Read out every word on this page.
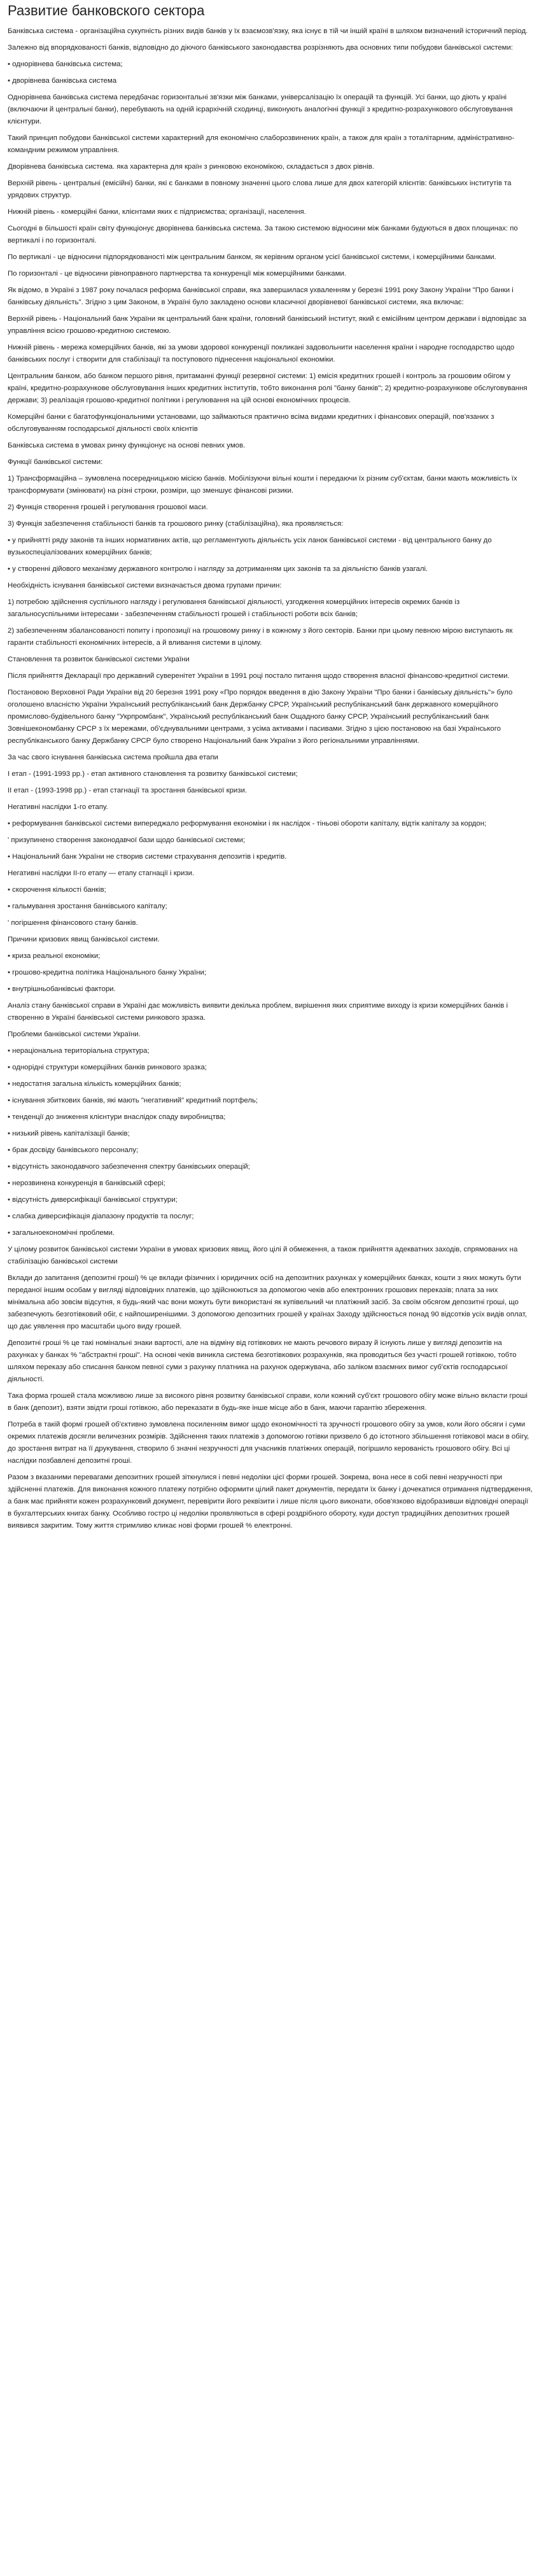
Развитие банковского сектора

Банківська система - організаційна сукупність різних видів банків у їх взаємозв'язку, яка існує в тій чи іншій країні в шляхом визначений історичний період.

Залежно від впорядкованості банків, відповідно до діючого банківського законодавства розрізняють два основних типи побудови банківської системи:

• однорівнева банківська система;

• дворівнева банківська система

Однорівнева банківська система передбачає горизонтальні зв'язки між банками, універсалізацію їх операцій та функцій. Усі банки, що діють у країні (включаючи й центральні банки), перебувають на одній ієрархічній сходинці, виконують аналогічні функції з кредитно-розрахункового обслуговування клієнтури.

Такий принцип побудови банківської системи характерний для економічно слаборозвинених країн, а також для країн з тоталітарним, адміністративно-командним режимом управління.

Дворівнева банківська система. яка характерна для країн з ринковою економікою, складається з двох рівнів.

Верхній рівень - центральні (емісійні) банки, які є банками в повному значенні цього слова лише для двох категорій клієнтів: банківських інститутів та урядових структур.

Нижній рівень - комерційні банки, клієнтами яких є підприємства; організації, населення.

Сьогодні в більшості країн світу функціонує дворівнева банківська система. За такою системою відносини між банками будуються в двох площинах: по вертикалі і по горизонталі.

По вертикалі - це відносини підпорядкованості між центральним банком, як керівним органом усієї банківської системи, і комерційними банками.

По горизонталі - це відносини рівноправного партнерства та конкуренції між комерційними банками.

Як відомо, в Україні з 1987 року почалася реформа банківської справи, яка завершилася ухваленням у березні 1991 року Закону України "Про банки і банківську діяльність". Згідно з цим Законом, в Україні було закладено основи класичної дворівневої банківської системи, яка включає:

Верхній рівень - Національний банк України як центральний банк країни, головний банківський інститут, який є емісійним центром держави і відповідає за управління всією грошово-кредитною системою.

Нижній рівень - мережа комерційних банків, які за умови здорової конкуренції покликані задовольнити населення країни і народне господарство щодо банківських послуг і створити для стабілізації та поступового піднесення національної економіки.

Центральним банком, або банком першого рівня, притаманні функції резервної системи: 1) емісія кредитних грошей і контроль за грошовим обігом у країні, кредитно-розрахункове обслуговування інших кредитних інститутів, тобто виконання ролі "банку банків"; 2) кредитно-розрахункове обслуговування держави; 3) реалізація грошово-кредитної політики і регулювання на цій основі економічних процесів.

Комерційні банки є багатофункціональними установами, що займаються практично всіма видами кредитних і фінансових операцій, пов'язаних з обслуговуванням господарської діяльності своїх клієнтів

Банківська система в умовах ринку функціонує на основі певних умов.

Функції банківської системи:

1) Трансформаційна – зумовлена посередницькою місією банків. Мобілізуючи вільні кошти і передаючи їх різним суб'єктам, банки мають можливість їх трансформувати (змінювати) на різні строки, розміри, що зменшує фінансові ризики.

2) Функція створення грошей і регулювання грошової маси.

3) Функція забезпечення стабільності банків та грошового ринку (стабілізаційна), яка проявляється:

• у прийнятті ряду законів та інших нормативних актів, що регламентують діяльність усіх ланок банківської системи - від центрального банку до вузькоспеціалізованих комерційних банків;

• у створенні дійового механізму державного контролю і нагляду за дотриманням цих законів та за діяльністю банків узагалі.

Необхідність існування банківської системи визначається двома групами причин:

1) потребою здійснення суспільного нагляду і регулювання банківської діяльності, узгодження комерційних інтересів окремих банків із загальносуспільними інтересами - забезпеченням стабільності грошей і стабільності роботи всіх банків;

2) забезпеченням збалансованості попиту і пропозиції на грошовому ринку і в кожному з його секторів. Банки при цьому певною мірою виступають як гаранти стабільності економічних інтересів, а й вливання системи в цілому.

Становлення та розвиток банківської системи України

Після прийняття Декларації про державний суверенітет України в 1991 році постало питання щодо створення власної фінансово-кредитної системи.

Постановою Верховної Ради України від 20 березня 1991 року «Про порядок введення в дію Закону України "Про банки і банківську діяльність"» було оголошено власністю України Український республіканський банк Держбанку СРСР, Український республіканський банк державного комерційного промислово-будівельного банку "Укрпромбанк", Український республіканський банк Ощадного банку СРСР, Український республіканський банк Зовнішекономбанку СРСР з їх мережами, об'єднувальними центрами, з усіма активами і пасивами. Згідно з цією постановою на базі Українського республіканського банку Держбанку СРСР було створено Національний банк України з його регіональними управліннями.

За час свого існування банківська система пройшла два етапи

I етап - (1991-1993 рр.) - етап активного становлення та розвитку банківської системи;

II етап - (1993-1998 рр.) - етап стагнації та зростання банківської кризи.

Негативні наслідки 1-го етапу.

• реформування банківської системи випереджало реформування економіки і як наслідок - тіньові обороти капіталу, відтік капіталу за кордон;

' призупинено створення законодавчої бази щодо банківської системи;

• Національний банк України не створив системи страхування депозитів і кредитів.

Негативні наслідки ІІ-го етапу — етапу стагнації і кризи.

• скорочення кількості банків;

• гальмування зростання банківського капіталу;

' погіршення фінансового стану банків.

Причини кризових явищ банківської системи.

• криза реальної економіки;

• грошово-кредитна політика Національного банку України;

• внутрішньобанківські фактори.

Аналіз стану банківської справи в Україні дає можливість виявити декілька проблем, вирішення яких сприятиме виходу із кризи комерційних банків і створенню в Україні банківської системи ринкового зразка.

Проблеми банківської системи України.

• нераціональна територіальна структура;

• однорідні структури комерційних банків ринкового зразка;

• недостатня загальна кількість комерційних банків;

• існування збиткових банків, які мають "негативний" кредитний портфель;

• тенденції до зниження клієнтури внаслідок спаду виробництва;

• низький рівень капіталізації банків;

• брак досвіду банківського персоналу;

• відсутність законодавчого забезпечення спектру банківських операцій;

• нерозвинена конкуренція в банківській сфері;

• відсутність диверсифікації банківської структури;

• слабка диверсифікація діапазону продуктів та послуг;

• загальноекономічні проблеми.

У цілому розвиток банківської системи України в умовах кризових явищ, його цілі й обмеження, а також прийняття адекватних заходів, спрямованих на стабілізацію банківської системи

Вклади до запитання (депозитні гроші) % це вклади фізичних і юридичних осіб на депозитних рахунках у комерційних банках, кошти з яких можуть бути переданої іншим особам у вигляді відповідних платежів, що здійснюються за допомогою чеків або електронних грошових переказів; плата за них мінімальна або зовсім відсутня, я будь-який час вони можуть бути використані як купівельний чи платіжний засіб. За своїм обсягом депозитні гроші, що забезпечують безготівковий обіг, є найпоширенішими. З допомогою депозитних грошей у країнах Заходу здійснюється понад 90 відсотків усіх видів оплат, що дає уявлення про масштаби цього виду грошей.

Депозитні гроші % це такі номінальні знаки вартості, але на відміну від готівкових не мають речового виразу й існують лише у вигляді депозитів на рахунках у банках % "абстрактні гроші". На основі чеків виникла система безготівкових розрахунків, яка проводиться без участі грошей готівкою, тобто шляхом переказу або списання банком певної суми з рахунку платника на рахунок одержувача, або заліком взаємних вимог суб'єктів господарської діяльності.

Така форма грошей стала можливою лише за високого рівня розвитку банківської справи, коли кожний суб'єкт грошового обігу може вільно вкласти гроші в банк (депозит), взяти звідти гроші готівкою, або переказати в будь-яке інше місце або в банк, маючи гарантію збереження.

Потреба в такій формі грошей об'єктивно зумовлена посиленням вимог щодо економічності та зручності грошового обігу за умов, коли його обсяги і суми окремих платежів досягли величезних розмірів. Здійснення таких платежів з допомогою готівки призвело б до істотного збільшення готівкової маси в обігу, до зростання витрат на її друкування, створило б значні незручності для учасників платіжних операцій, погіршило керованість грошового обігу. Всі ці наслідки позбавлені депозитні гроші.

Разом з вказаними перевагами депозитних грошей зіткнулися і певні недоліки цієї форми грошей. Зокрема, вона несе в собі певні незручності при здійсненні платежів. Для виконання кожного платежу потрібно оформити цілий пакет документів, передати їх банку і дочекатися отримання підтвердження, а банк має прийняти кожен розрахунковий документ, перевірити його реквізити і лише після цього виконати, обов'язково відобразивши відповідні операції в бухгалтерських книгах банку. Особливо гостро ці недоліки проявляються в сфері роздрібного обороту, куди доступ традиційних депозитних грошей виявився закритим. Тому життя стримливо кликає нові форми грошей % електронні.
